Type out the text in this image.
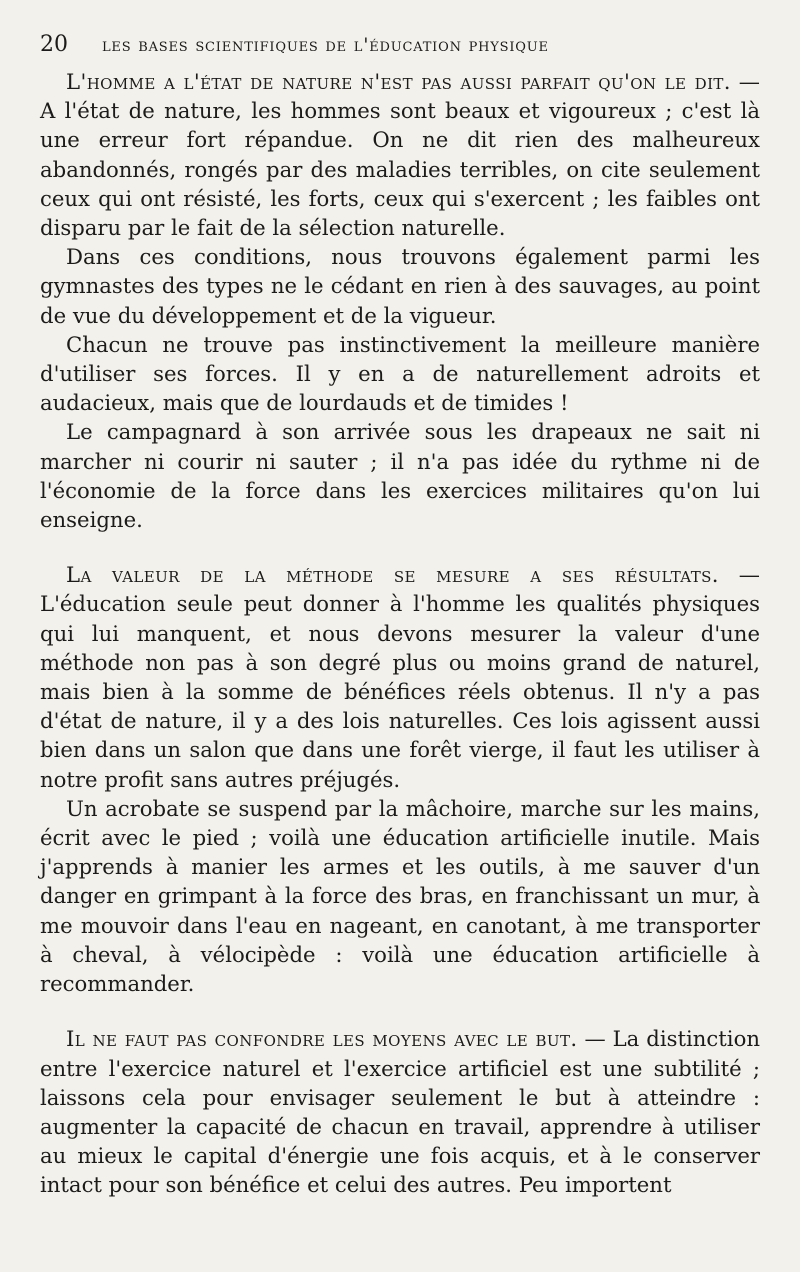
20 les bases scientifiques de l'éducation physique

L'homme a l'état de nature n'est pas aussi parfait qu'on le dit. — A l'état de nature, les hommes sont beaux et vigoureux ; c'est là une erreur fort répandue. On ne dit rien des malheureux abandonnés, rongés par des maladies terribles, on cite seulement ceux qui ont résisté, les forts, ceux qui s'exercent ; les faibles ont disparu par le fait de la sélection naturelle.

Dans ces conditions, nous trouvons également parmi les gymnastes des types ne le cédant en rien à des sauvages, au point de vue du développement et de la vigueur.

Chacun ne trouve pas instinctivement la meilleure manière d'utiliser ses forces. Il y en a de naturellement adroits et audacieux, mais que de lourdauds et de timides !

Le campagnard à son arrivée sous les drapeaux ne sait ni marcher ni courir ni sauter ; il n'a pas idée du rythme ni de l'économie de la force dans les exercices militaires qu'on lui enseigne.

La valeur de la méthode se mesure a ses résultats. — L'éducation seule peut donner à l'homme les qualités physiques qui lui manquent, et nous devons mesurer la valeur d'une méthode non pas à son degré plus ou moins grand de naturel, mais bien à la somme de bénéfices réels obtenus. Il n'y a pas d'état de nature, il y a des lois naturelles. Ces lois agissent aussi bien dans un salon que dans une forêt vierge, il faut les utiliser à notre profit sans autres préjugés.

Un acrobate se suspend par la mâchoire, marche sur les mains, écrit avec le pied ; voilà une éducation artificielle inutile. Mais j'apprends à manier les armes et les outils, à me sauver d'un danger en grimpant à la force des bras, en franchissant un mur, à me mouvoir dans l'eau en nageant, en canotant, à me transporter à cheval, à vélocipède : voilà une éducation artificielle à recommander.

Il ne faut pas confondre les moyens avec le but. — La distinction entre l'exercice naturel et l'exercice artificiel est une subtilité ; laissons cela pour envisager seulement le but à atteindre : augmenter la capacité de chacun en travail, apprendre à utiliser au mieux le capital d'énergie une fois acquis, et à le conserver intact pour son bénéfice et celui des autres. Peu importent
